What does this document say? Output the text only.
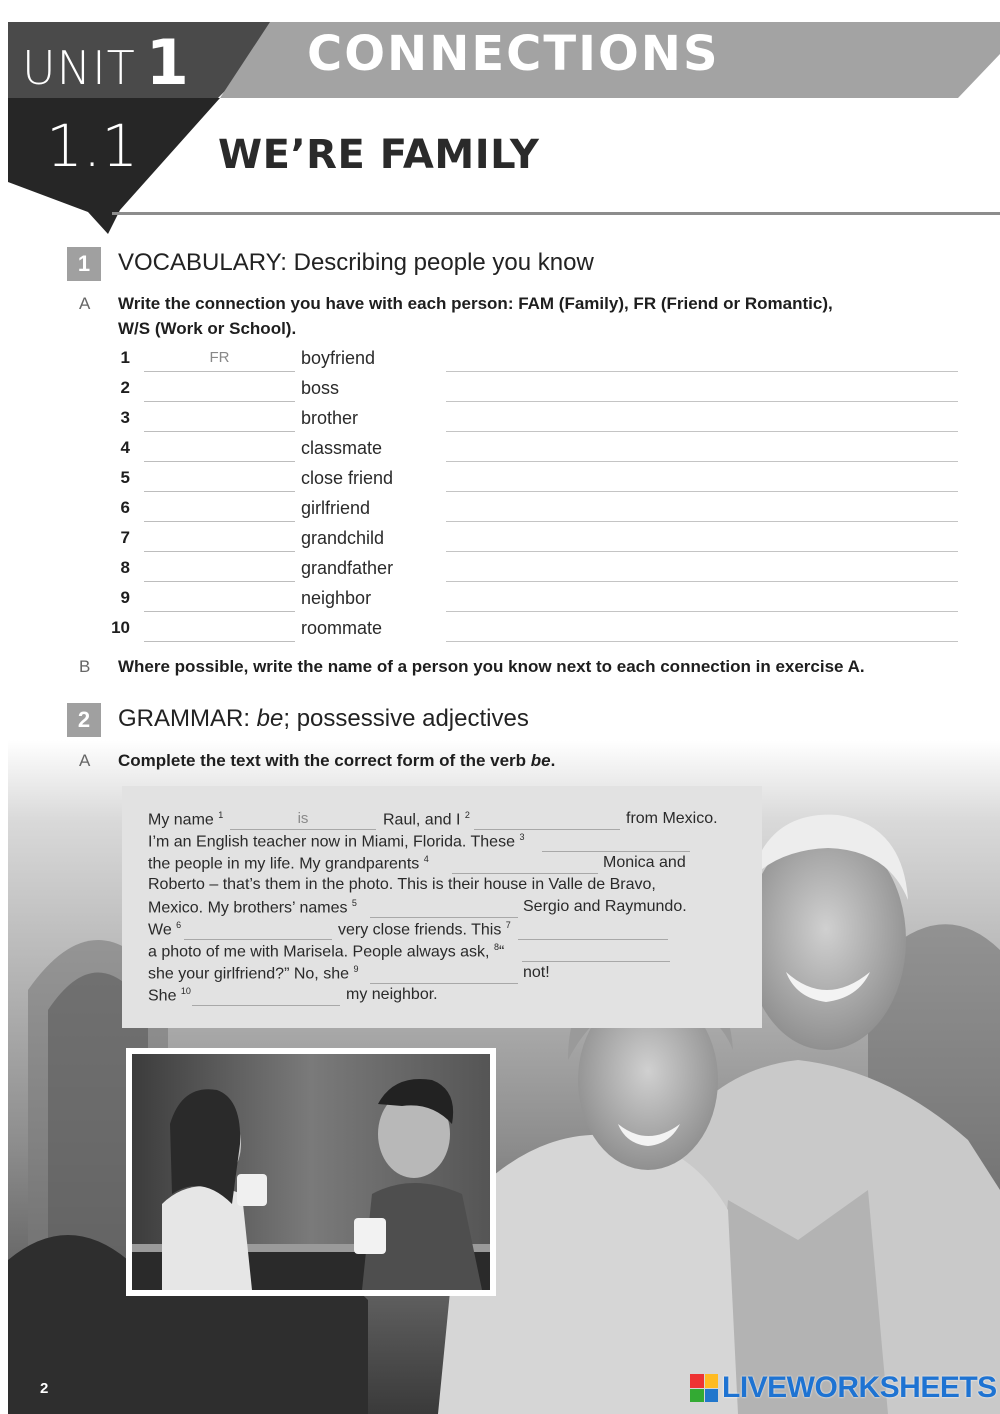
UNIT 1 CONNECTIONS
1.1 WE’RE FAMILY
1	VOCABULARY: Describing people you know
A Write the connection you have with each person: FAM (Family), FR (Friend or Romantic),
W/S (Work or School).
1	FR	boyfriend
2	boss
3	brother
4	classmate
5	close friend
6	girlfriend
7	grandchild
8	grandfather
9	neighbor
10	roommate
B Where possible, write the name of a person you know next to each connection in exercise A.
2	GRAMMAR: be; possessive adjectives
A Complete the text with the correct form of the verb be.
My name $^1$	is	Raul, and I $^2$	from Mexico.
I’m an English teacher now in Miami, Florida. These $^3$
the people in my life. My grandparents $^4$	Monica and
Roberto – that’s them in the photo. This is their house in Valle de Bravo,
Mexico. My brothers’ names $^5$	Sergio and Raymundo.
We $^6$	very close friends. This $^7$
a photo of me with Marisela. People always ask, $^8$“
she your girlfriend?” No, she $^9$	not!
She $^{10}$	my neighbor.
2	LIVEWORKSHEETS
